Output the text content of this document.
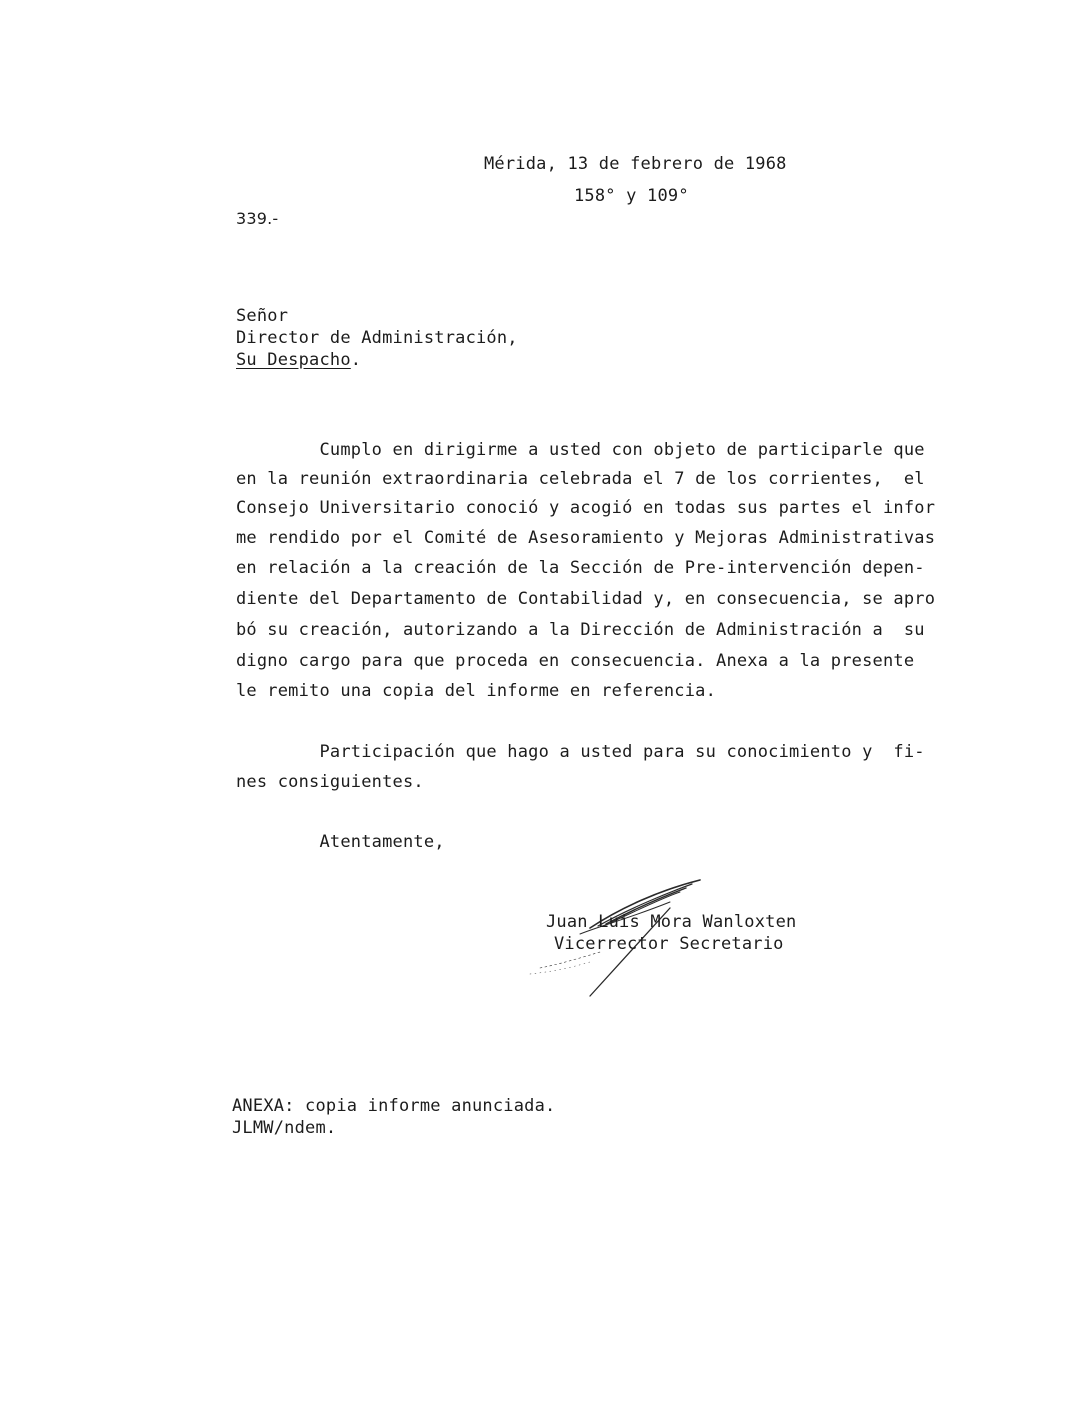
Mérida, 13 de febrero de 1968
158° y 109°
339.-
Señor
Director de Administración,
Su Despacho.
Cumplo en dirigirme a usted con objeto de participarle que
en la reunión extraordinaria celebrada el 7 de los corrientes,  el
Consejo Universitario conoció y acogió en todas sus partes el infor
me rendido por el Comité de Asesoramiento y Mejoras Administrativas
en relación a la creación de la Sección de Pre-intervención depen-
diente del Departamento de Contabilidad y, en consecuencia, se apro
bó su creación, autorizando a la Dirección de Administración a  su
digno cargo para que proceda en consecuencia. Anexa a la presente
le remito una copia del informe en referencia.
Participación que hago a usted para su conocimiento y  fi-
nes consiguientes.
Atentamente,
Juan Luis Mora Wanloxten
Vicerrector Secretario
ANEXA: copia informe anunciada.
JLMW/ndem.
